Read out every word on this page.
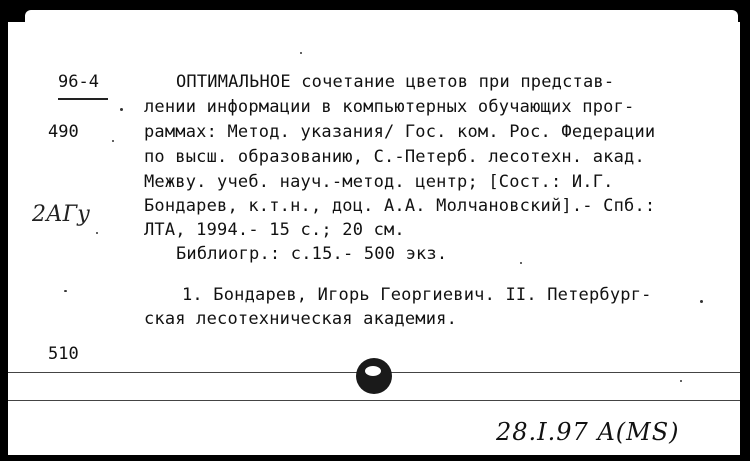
96-4
490
2АГу
510
ОПТИМАЛЬНОЕ сочетание цветов при представ-
лении информации в компьютерных обучающих прог-
раммах: Метод. указания/ Гос. ком. Рос. Федерации
по высш. образованию, С.-Петерб. лесотехн. акад.
Межву. учеб. науч.-метод. центр; [Сост.: И.Г.
Бондарев, к.т.н., доц. А.А. Молчановский].- Спб.:
ЛТА, 1994.- 15 с.; 20 см.
Библиогр.: с.15.- 500 экз.
1. Бондарев, Игорь Георгиевич. II. Петербург-
ская лесотехническая академия.
28.I.97 A(MS)
